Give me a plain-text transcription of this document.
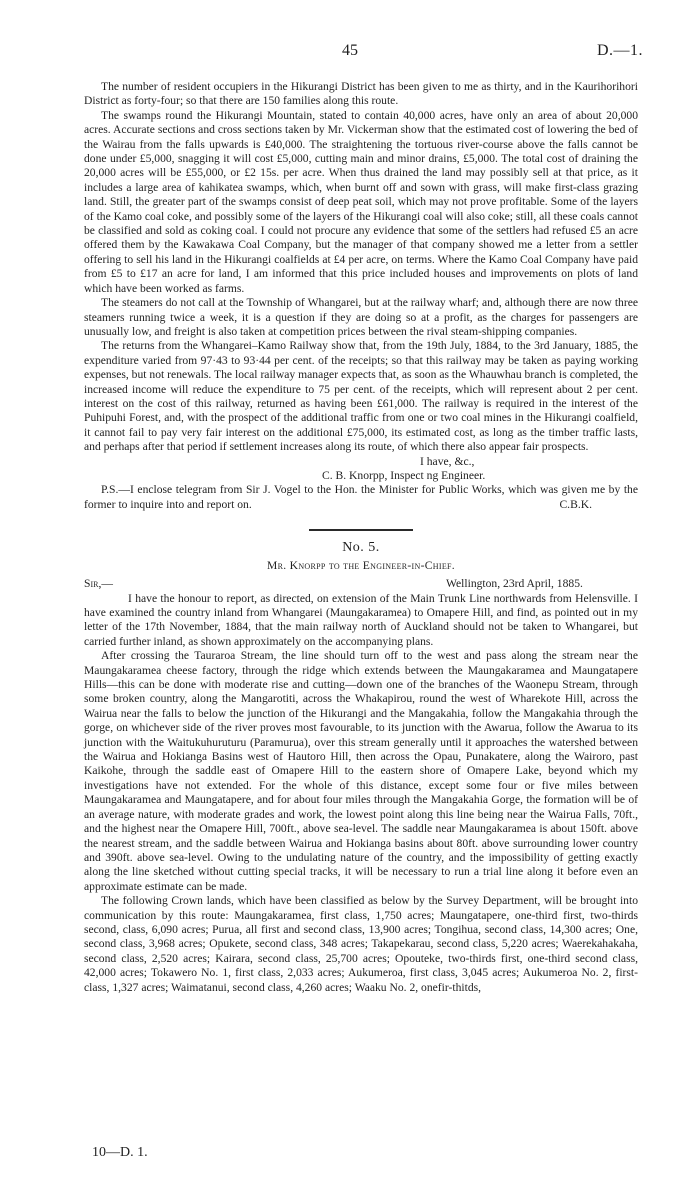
45	D.—1.

The number of resident occupiers in the Hikurangi District has been given to me as thirty, and in the Kaurihorihori District as forty-four; so that there are 150 families along this route.

The swamps round the Hikurangi Mountain, stated to contain 40,000 acres, have only an area of about 20,000 acres. Accurate sections and cross sections taken by Mr. Vickerman show that the estimated cost of lowering the bed of the Wairau from the falls upwards is £40,000. The straightening the tortuous river-course above the falls cannot be done under £5,000, snagging it will cost £5,000, cutting main and minor drains, £5,000. The total cost of draining the 20,000 acres will be £55,000, or £2 15s. per acre. When thus drained the land may possibly sell at that price, as it includes a large area of kahikatea swamps, which, when burnt off and sown with grass, will make first-class grazing land. Still, the greater part of the swamps consist of deep peat soil, which may not prove profitable. Some of the layers of the Kamo coal coke, and possibly some of the layers of the Hikurangi coal will also coke; still, all these coals cannot be classified and sold as coking coal. I could not procure any evidence that some of the settlers had refused £5 an acre offered them by the Kawakawa Coal Company, but the manager of that company showed me a letter from a settler offering to sell his land in the Hikurangi coalfields at £4 per acre, on terms. Where the Kamo Coal Company have paid from £5 to £17 an acre for land, I am informed that this price included houses and improvements on plots of land which have been worked as farms.

The steamers do not call at the Township of Whangarei, but at the railway wharf; and, although there are now three steamers running twice a week, it is a question if they are doing so at a profit, as the charges for passengers are unusually low, and freight is also taken at competition prices between the rival steam-shipping companies.

The returns from the Whangarei–Kamo Railway show that, from the 19th July, 1884, to the 3rd January, 1885, the expenditure varied from 97·43 to 93·44 per cent. of the receipts; so that this railway may be taken as paying working expenses, but not renewals. The local railway manager expects that, as soon as the Whauwhau branch is completed, the increased income will reduce the expenditure to 75 per cent. of the receipts, which will represent about 2 per cent. interest on the cost of this railway, returned as having been £61,000. The railway is required in the interest of the Puhipuhi Forest, and, with the prospect of the additional traffic from one or two coal mines in the Hikurangi coalfield, it cannot fail to pay very fair interest on the additional £75,000, its estimated cost, as long as the timber traffic lasts, and perhaps after that period if settlement increases along its route, of which there also appear fair prospects.

I have, &c.,
C. B. Knorpp, Inspect ng Engineer.

P.S.—I enclose telegram from Sir J. Vogel to the Hon. the Minister for Public Works, which was given me by the former to inquire into and report on.	C.B.K.

No. 5.
Mr. Knorpp to the Engineer-in-Chief.
Sir,—	Wellington, 23rd April, 1885.

I have the honour to report, as directed, on extension of the Main Trunk Line northwards from Helensville. I have examined the country inland from Whangarei (Maungakaramea) to Omapere Hill, and find, as pointed out in my letter of the 17th November, 1884, that the main railway north of Auckland should not be taken to Whangarei, but carried further inland, as shown approximately on the accompanying plans.

After crossing the Tauraroa Stream, the line should turn off to the west and pass along the stream near the Maungakaramea cheese factory, through the ridge which extends between the Maungakaramea and Maungatapere Hills—this can be done with moderate rise and cutting—down one of the branches of the Waonepu Stream, through some broken country, along the Mangarotiti, across the Whakapirou, round the west of Wharekote Hill, across the Wairua near the falls to below the junction of the Hikurangi and the Mangakahia, follow the Mangakahia through the gorge, on whichever side of the river proves most favourable, to its junction with the Awarua, follow the Awarua to its junction with the Waitukuhuruturu (Paramurua), over this stream generally until it approaches the watershed between the Wairua and Hokianga Basins west of Hautoro Hill, then across the Opau, Punakatere, along the Wairoro, past Kaikohe, through the saddle east of Omapere Hill to the eastern shore of Omapere Lake, beyond which my investigations have not extended. For the whole of this distance, except some four or five miles between Maungakaramea and Maungatapere, and for about four miles through the Mangakahia Gorge, the formation will be of an average nature, with moderate grades and work, the lowest point along this line being near the Wairua Falls, 70ft., and the highest near the Omapere Hill, 700ft., above sea-level. The saddle near Maungakaramea is about 150ft. above the nearest stream, and the saddle between Wairua and Hokianga basins about 80ft. above surrounding lower country and 390ft. above sea-level. Owing to the undulating nature of the country, and the impossibility of getting exactly along the line sketched without cutting special tracks, it will be necessary to run a trial line along it before even an approximate estimate can be made.

The following Crown lands, which have been classified as below by the Survey Department, will be brought into communication by this route: Maungakaramea, first class, 1,750 acres; Maungatapere, one-third first, two-thirds second, class, 6,090 acres; Purua, all first and second class, 13,900 acres; Tongihua, second class, 14,300 acres; One, second class, 3,968 acres; Opukete, second class, 348 acres; Takapekarau, second class, 5,220 acres; Waerekahakaha, second class, 2,520 acres; Kairara, second class, 25,700 acres; Opouteke, two-thirds first, one-third second class, 42,000 acres; Tokawero No. 1, first class, 2,033 acres; Aukumeroa, first class, 3,045 acres; Aukumeroa No. 2, first-class, 1,327 acres; Waimatanui, second class, 4,260 acres; Waaku No. 2, onefir-thitds,

10—D. 1.
